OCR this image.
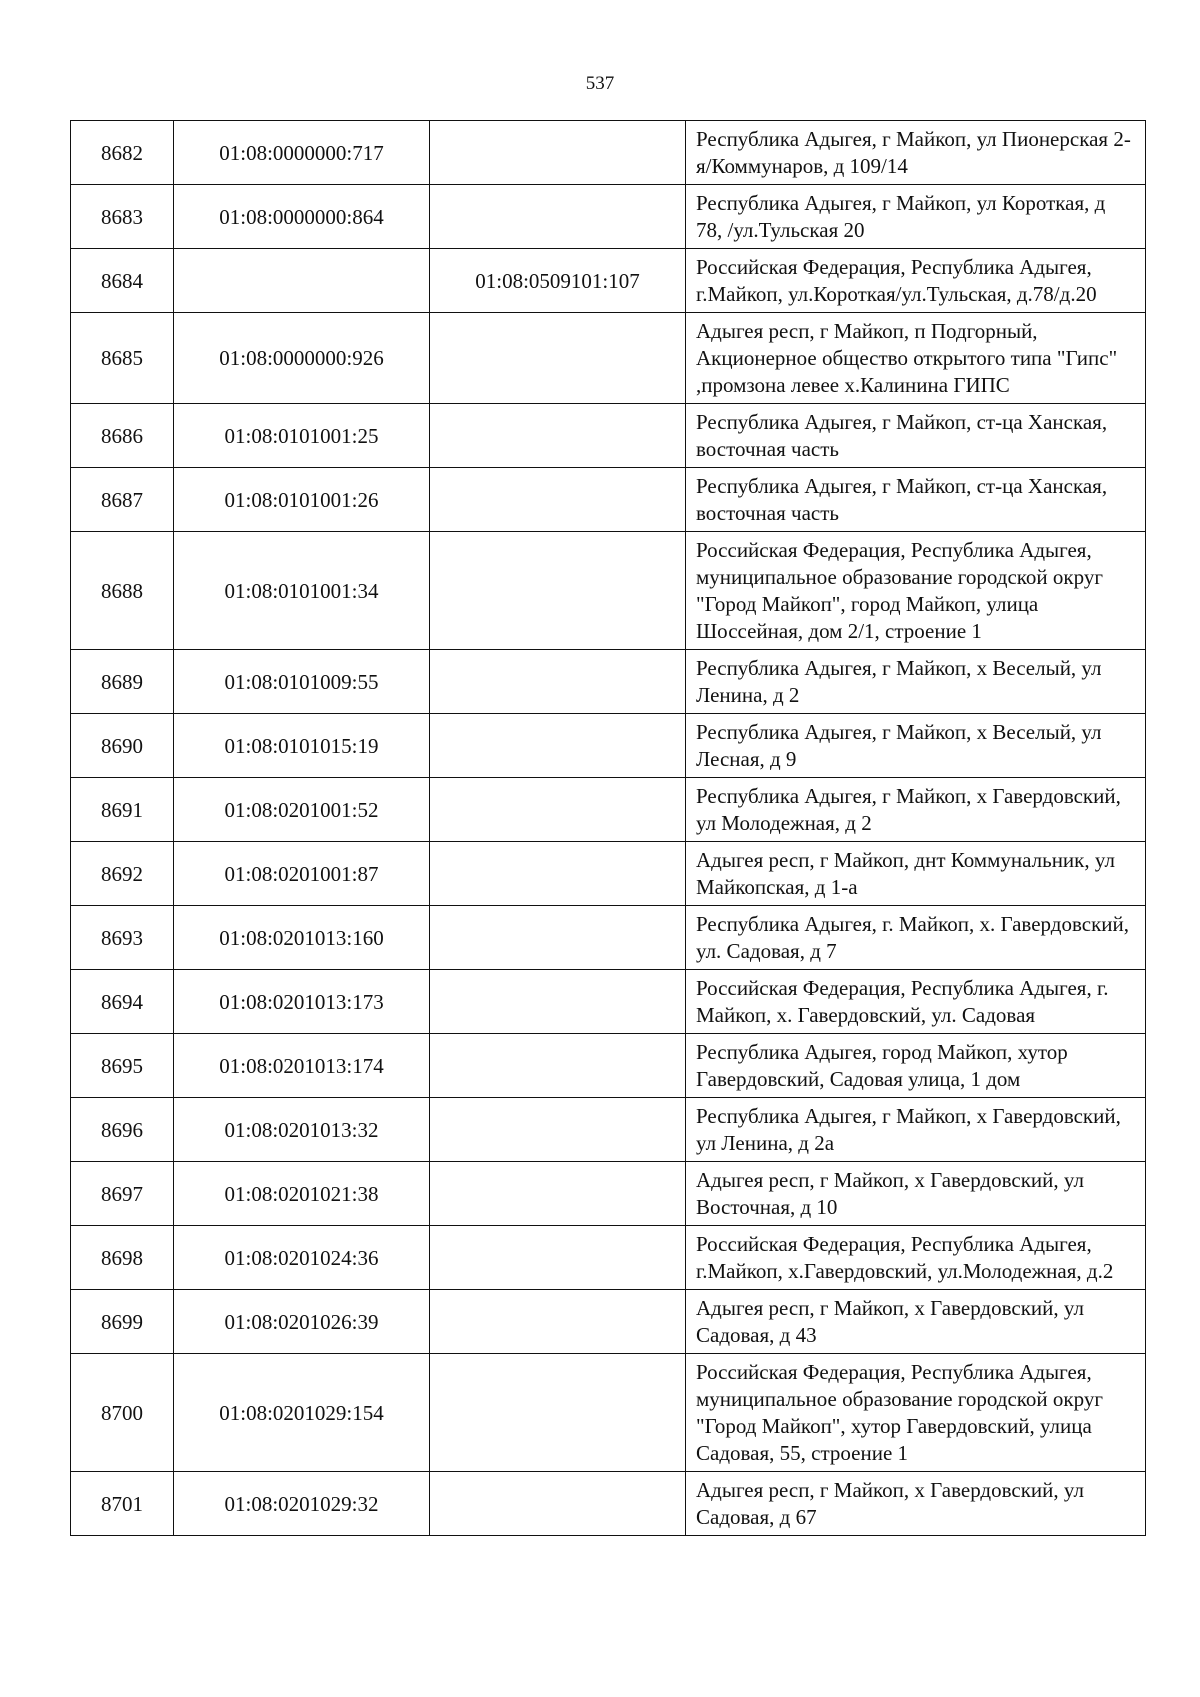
537
8682	01:08:0000000:717		Республика Адыгея, г Майкоп, ул Пионерская 2-я/Коммунаров, д 109/14
8683	01:08:0000000:864		Республика Адыгея, г Майкоп, ул Короткая, д 78, /ул.Тульская 20
8684		01:08:0509101:107	Российская Федерация, Республика Адыгея, г.Майкоп, ул.Короткая/ул.Тульская, д.78/д.20
8685	01:08:0000000:926		Адыгея респ, г Майкоп, п Подгорный, Акционерное общество открытого типа "Гипс" ,промзона левее х.Калинина ГИПС
8686	01:08:0101001:25		Республика Адыгея, г Майкоп, ст-ца Ханская, восточная часть
8687	01:08:0101001:26		Республика Адыгея, г Майкоп, ст-ца Ханская, восточная часть
8688	01:08:0101001:34		Российская Федерация, Республика Адыгея, муниципальное образование городской округ "Город Майкоп", город Майкоп, улица Шоссейная, дом 2/1, строение 1
8689	01:08:0101009:55		Республика Адыгея, г Майкоп, х Веселый, ул Ленина, д 2
8690	01:08:0101015:19		Республика Адыгея, г Майкоп, х Веселый, ул Лесная, д 9
8691	01:08:0201001:52		Республика Адыгея, г Майкоп, х Гавердовский, ул Молодежная, д 2
8692	01:08:0201001:87		Адыгея респ, г Майкоп, днт Коммунальник, ул Майкопская, д 1-а
8693	01:08:0201013:160		Республика Адыгея, г. Майкоп, х. Гавердовский, ул. Садовая, д 7
8694	01:08:0201013:173		Российская Федерация, Республика Адыгея, г. Майкоп, х. Гавердовский, ул. Садовая
8695	01:08:0201013:174		Республика Адыгея, город Майкоп, хутор Гавердовский, Садовая улица, 1 дом
8696	01:08:0201013:32		Республика Адыгея, г Майкоп, х Гавердовский, ул Ленина, д 2а
8697	01:08:0201021:38		Адыгея респ, г Майкоп, х Гавердовский, ул Восточная, д 10
8698	01:08:0201024:36		Российская Федерация, Республика Адыгея, г.Майкоп, х.Гавердовский, ул.Молодежная, д.2
8699	01:08:0201026:39		Адыгея респ, г Майкоп, х Гавердовский, ул Садовая, д 43
8700	01:08:0201029:154		Российская Федерация, Республика Адыгея, муниципальное образование городской округ "Город Майкоп", хутор Гавердовский, улица Садовая, 55, строение 1
8701	01:08:0201029:32		Адыгея респ, г Майкоп, х Гавердовский, ул Садовая, д 67
